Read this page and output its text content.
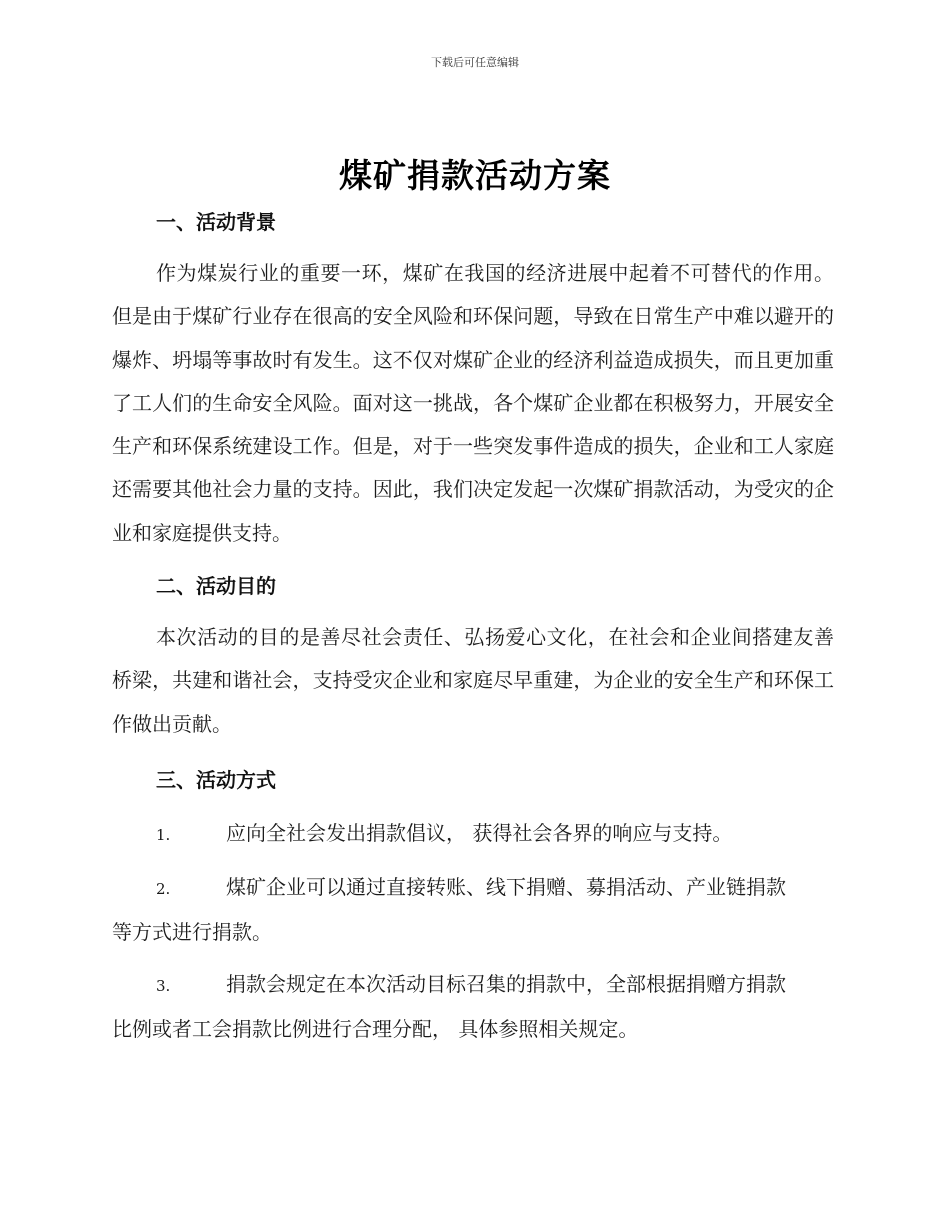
下载后可任意编辑
煤矿捐款活动方案
一、活动背景
作为煤炭行业的重要一环，煤矿在我国的经济进展中起着不可替代的作用。但是由于煤矿行业存在很高的安全风险和环保问题，导致在日常生产中难以避开的爆炸、坍塌等事故时有发生。这不仅对煤矿企业的经济利益造成损失，而且更加重了工人们的生命安全风险。面对这一挑战，各个煤矿企业都在积极努力，开展安全生产和环保系统建设工作。但是，对于一些突发事件造成的损失，企业和工人家庭还需要其他社会力量的支持。因此，我们决定发起一次煤矿捐款活动，为受灾的企业和家庭提供支持。
二、活动目的
本次活动的目的是善尽社会责任、弘扬爱心文化，在社会和企业间搭建友善桥梁，共建和谐社会，支持受灾企业和家庭尽早重建，为企业的安全生产和环保工作做出贡献。
三、活动方式
1.	应向全社会发出捐款倡议， 获得社会各界的响应与支持。
2.	煤矿企业可以通过直接转账、线下捐赠、募捐活动、产业链捐款
等方式进行捐款。
3.	捐款会规定在本次活动目标召集的捐款中，全部根据捐赠方捐款
比例或者工会捐款比例进行合理分配， 具体参照相关规定。
